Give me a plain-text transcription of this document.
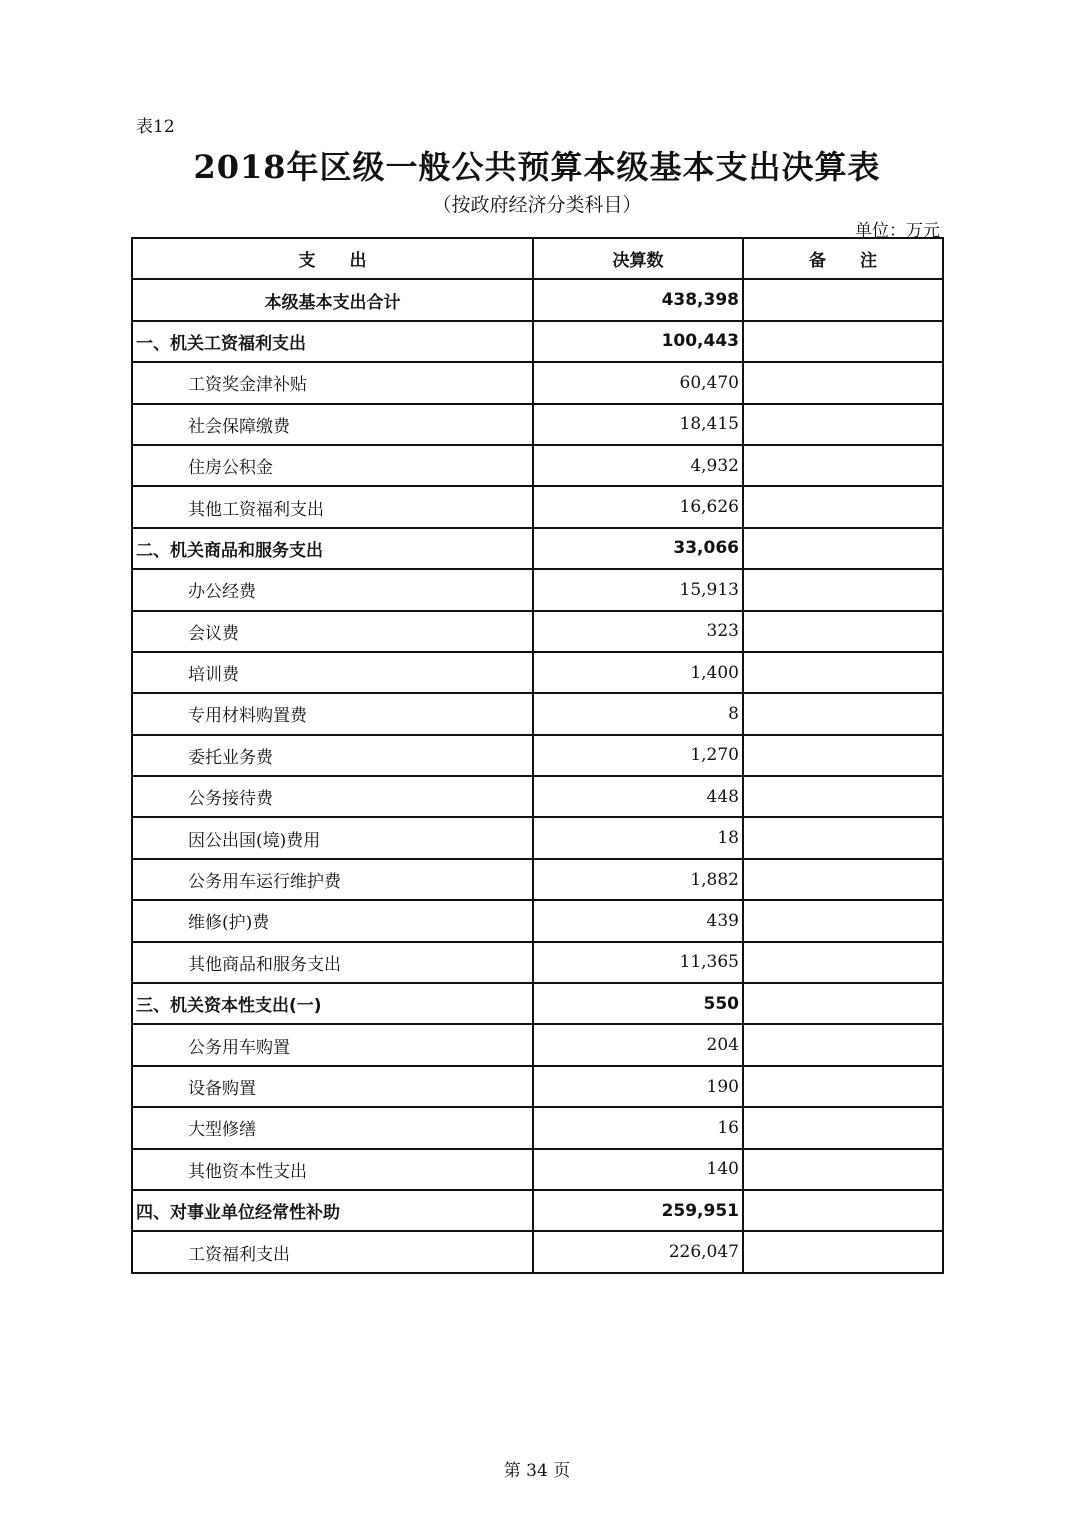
表12
2018年区级一般公共预算本级基本支出决算表
（按政府经济分类科目）
单位：万元
支　　出	决算数	备　　注
本级基本支出合计	438,398	
一、机关工资福利支出	100,443	
工资奖金津补贴	60,470	
社会保障缴费	18,415	
住房公积金	4,932	
其他工资福利支出	16,626	
二、机关商品和服务支出	33,066	
办公经费	15,913	
会议费	323	
培训费	1,400	
专用材料购置费	8	
委托业务费	1,270	
公务接待费	448	
因公出国(境)费用	18	
公务用车运行维护费	1,882	
维修(护)费	439	
其他商品和服务支出	11,365	
三、机关资本性支出(一)	550	
公务用车购置	204	
设备购置	190	
大型修缮	16	
其他资本性支出	140	
四、对事业单位经常性补助	259,951	
工资福利支出	226,047	
第 34 页
